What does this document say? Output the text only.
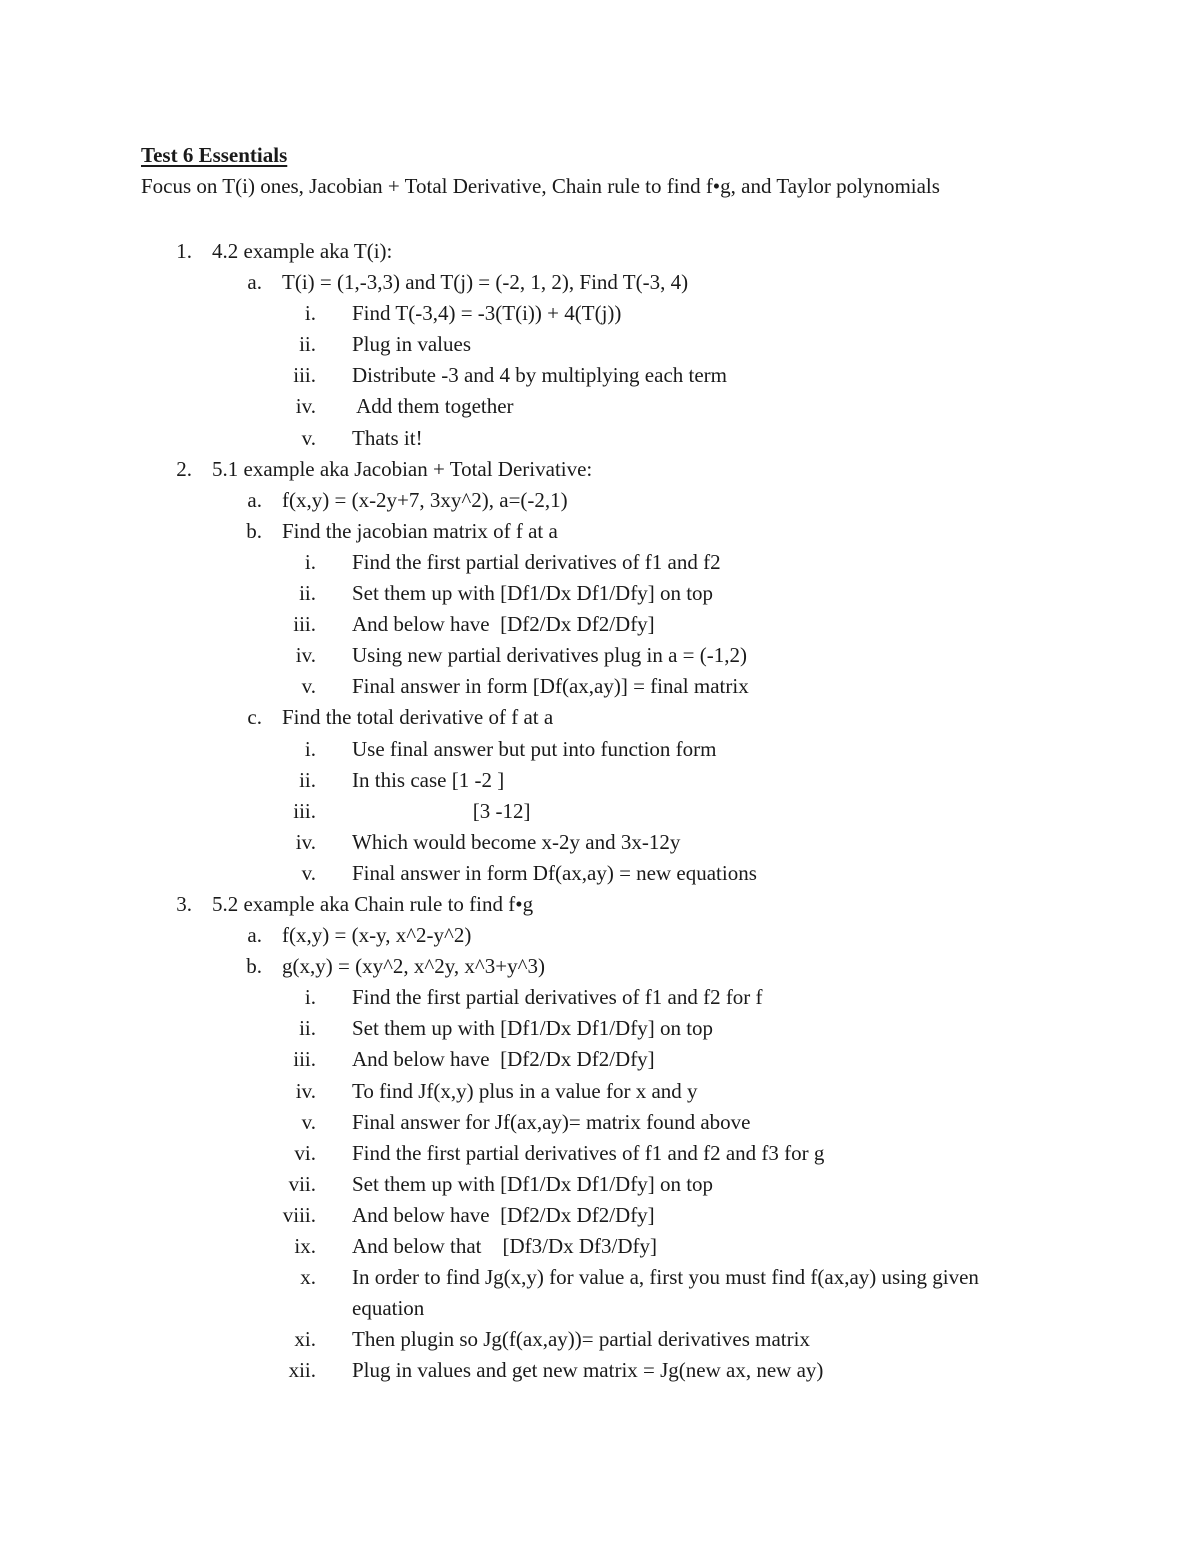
Test 6 Essentials
Focus on T(i) ones, Jacobian + Total Derivative, Chain rule to find f•g, and Taylor polynomials
1. 4.2 example aka T(i):
a. T(i) = (1,-3,3) and T(j) = (-2, 1, 2), Find T(-3, 4)
i. Find T(-3,4) = -3(T(i)) + 4(T(j))
ii. Plug in values
iii. Distribute -3 and 4 by multiplying each term
iv. Add them together
v. Thats it!
2. 5.1 example aka Jacobian + Total Derivative:
a. f(x,y) = (x-2y+7, 3xy^2), a=(-2,1)
b. Find the jacobian matrix of f at a
i. Find the first partial derivatives of f1 and f2
ii. Set them up with [Df1/Dx Df1/Dfy] on top
iii. And below have  [Df2/Dx Df2/Dfy]
iv. Using new partial derivatives plug in a = (-1,2)
v. Final answer in form [Df(ax,ay)] = final matrix
c. Find the total derivative of f at a
i. Use final answer but put into function form
ii. In this case [1 -2 ]
iii. [3 -12]
iv. Which would become x-2y and 3x-12y
v. Final answer in form Df(ax,ay) = new equations
3. 5.2 example aka Chain rule to find f•g
a. f(x,y) = (x-y, x^2-y^2)
b. g(x,y) = (xy^2, x^2y, x^3+y^3)
i. Find the first partial derivatives of f1 and f2 for f
ii. Set them up with [Df1/Dx Df1/Dfy] on top
iii. And below have  [Df2/Dx Df2/Dfy]
iv. To find Jf(x,y) plus in a value for x and y
v. Final answer for Jf(ax,ay)= matrix found above
vi. Find the first partial derivatives of f1 and f2 and f3 for g
vii. Set them up with [Df1/Dx Df1/Dfy] on top
viii. And below have  [Df2/Dx Df2/Dfy]
ix. And below that    [Df3/Dx Df3/Dfy]
x. In order to find Jg(x,y) for value a, first you must find f(ax,ay) using given
equation
xi. Then plugin so Jg(f(ax,ay))= partial derivatives matrix
xii. Plug in values and get new matrix = Jg(new ax, new ay)
